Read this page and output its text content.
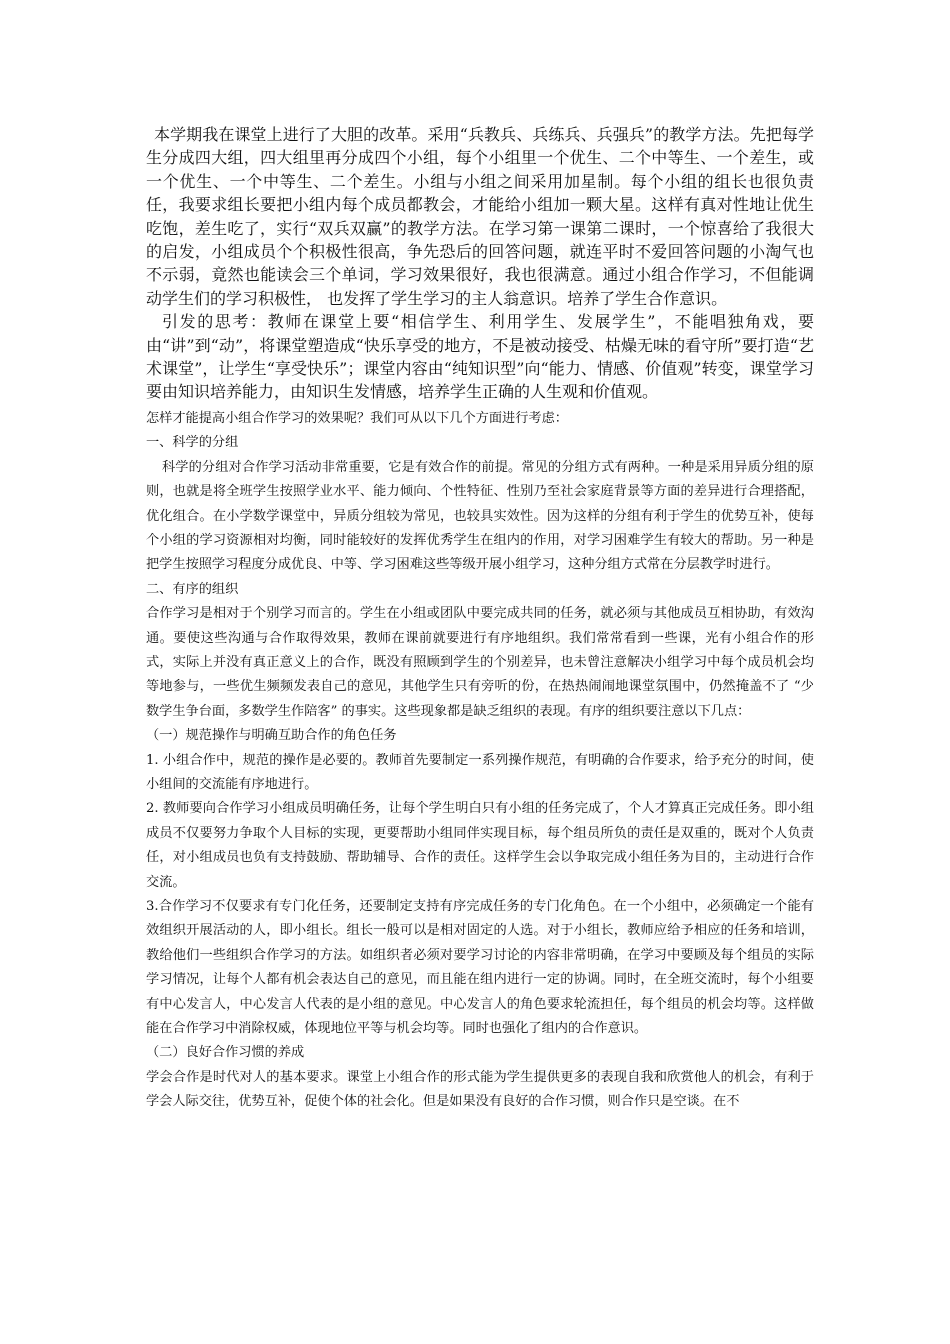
本学期我在课堂上进行了大胆的改革。采用“兵教兵、兵练兵、兵强兵”的教学方法。先把每学生分成四大组，四大组里再分成四个小组，每个小组里一个优生、二个中等生、一个差生，或一个优生、一个中等生、二个差生。小组与小组之间采用加星制。每个小组的组长也很负责任，我要求组长要把小组内每个成员都教会，才能给小组加一颗大星。这样有真对性地让优生吃饱，差生吃了，实行“双兵双赢”的教学方法。在学习第一课第二课时，一个惊喜给了我很大的启发，小组成员个个积极性很高，争先恐后的回答问题，就连平时不爱回答问题的小淘气也不示弱，竟然也能读会三个单词，学习效果很好，我也很满意。通过小组合作学习，不但能调动学生们的学习积极性， 也发挥了学生学习的主人翁意识。培养了学生合作意识。

引发的思考：教师在课堂上要“相信学生、利用学生、发展学生”，不能唱独角戏，要由“讲”到“动”，将课堂塑造成“快乐享受的地方，不是被动接受、枯燥无味的看守所”要打造“艺术课堂”，让学生“享受快乐”；课堂内容由“纯知识型”向“能力、情感、价值观”转变，课堂学习要由知识培养能力，由知识生发情感，培养学生正确的人生观和价值观。

怎样才能提高小组合作学习的效果呢？我们可从以下几个方面进行考虑：

一、科学的分组

科学的分组对合作学习活动非常重要，它是有效合作的前提。常见的分组方式有两种。一种是采用异质分组的原则，也就是将全班学生按照学业水平、能力倾向、个性特征、性别乃至社会家庭背景等方面的差异进行合理搭配，优化组合。在小学数学课堂中，异质分组较为常见，也较具实效性。因为这样的分组有利于学生的优势互补，使每个小组的学习资源相对均衡，同时能较好的发挥优秀学生在组内的作用，对学习困难学生有较大的帮助。另一种是把学生按照学习程度分成优良、中等、学习困难这些等级开展小组学习，这种分组方式常在分层教学时进行。

二、有序的组织

合作学习是相对于个别学习而言的。学生在小组或团队中要完成共同的任务，就必须与其他成员互相协助，有效沟通。要使这些沟通与合作取得效果，教师在课前就要进行有序地组织。我们常常看到一些课，光有小组合作的形式，实际上并没有真正意义上的合作，既没有照顾到学生的个别差异，也未曾注意解决小组学习中每个成员机会均等地参与，一些优生频频发表自己的意见，其他学生只有旁听的份，在热热闹闹地课堂氛围中，仍然掩盖不了 “少数学生争台面，多数学生作陪客” 的事实。这些现象都是缺乏组织的表现。有序的组织要注意以下几点：

（一）规范操作与明确互助合作的角色任务

1. 小组合作中，规范的操作是必要的。教师首先要制定一系列操作规范，有明确的合作要求，给予充分的时间，使小组间的交流能有序地进行。

2. 教师要向合作学习小组成员明确任务，让每个学生明白只有小组的任务完成了，个人才算真正完成任务。即小组成员不仅要努力争取个人目标的实现，更要帮助小组同伴实现目标，每个组员所负的责任是双重的，既对个人负责任，对小组成员也负有支持鼓励、帮助辅导、合作的责任。这样学生会以争取完成小组任务为目的，主动进行合作交流。

3.合作学习不仅要求有专门化任务，还要制定支持有序完成任务的专门化角色。在一个小组中，必须确定一个能有效组织开展活动的人，即小组长。组长一般可以是相对固定的人选。对于小组长，教师应给予相应的任务和培训，教给他们一些组织合作学习的方法。如组织者必须对要学习讨论的内容非常明确，在学习中要顾及每个组员的实际学习情况，让每个人都有机会表达自己的意见，而且能在组内进行一定的协调。同时，在全班交流时，每个小组要有中心发言人，中心发言人代表的是小组的意见。中心发言人的角色要求轮流担任，每个组员的机会均等。这样做能在合作学习中消除权威，体现地位平等与机会均等。同时也强化了组内的合作意识。

（二）良好合作习惯的养成

学会合作是时代对人的基本要求。课堂上小组合作的形式能为学生提供更多的表现自我和欣赏他人的机会，有利于学会人际交往，优势互补，促使个体的社会化。但是如果没有良好的合作习惯，则合作只是空谈。在不
